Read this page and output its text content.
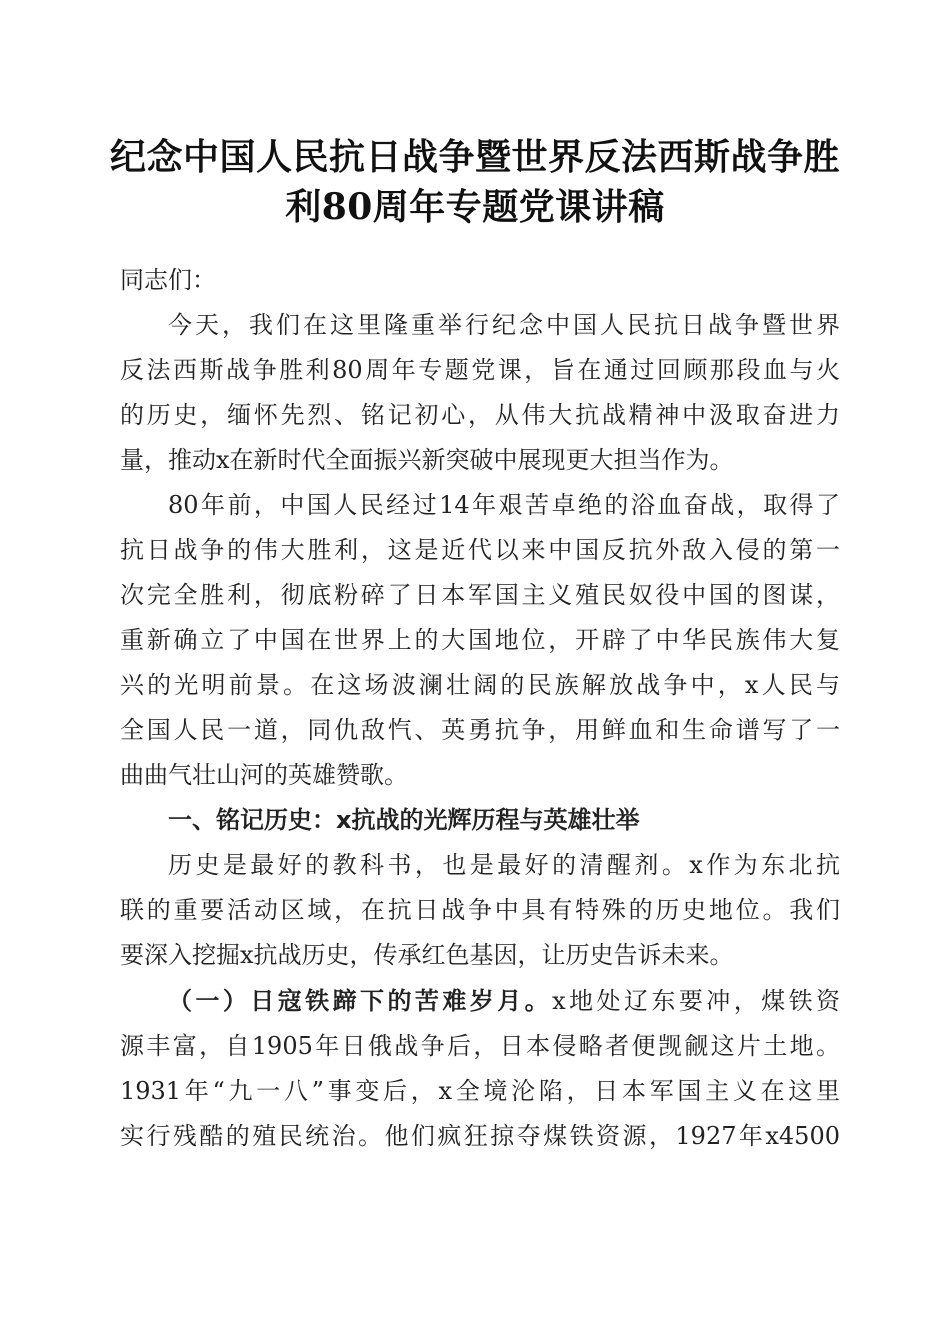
纪念中国人民抗日战争暨世界反法西斯战争胜
利80周年专题党课讲稿

同志们：

今天，我们在这里隆重举行纪念中国人民抗日战争暨世界
反法西斯战争胜利80周年专题党课，旨在通过回顾那段血与火
的历史，缅怀先烈、铭记初心，从伟大抗战精神中汲取奋进力
量，推动x在新时代全面振兴新突破中展现更大担当作为。

80年前，中国人民经过14年艰苦卓绝的浴血奋战，取得了
抗日战争的伟大胜利，这是近代以来中国反抗外敌入侵的第一
次完全胜利，彻底粉碎了日本军国主义殖民奴役中国的图谋，
重新确立了中国在世界上的大国地位，开辟了中华民族伟大复
兴的光明前景。在这场波澜壮阔的民族解放战争中，x人民与
全国人民一道，同仇敌忾、英勇抗争，用鲜血和生命谱写了一
曲曲气壮山河的英雄赞歌。

一、铭记历史：x抗战的光辉历程与英雄壮举

历史是最好的教科书，也是最好的清醒剂。x作为东北抗
联的重要活动区域，在抗日战争中具有特殊的历史地位。我们
要深入挖掘x抗战历史，传承红色基因，让历史告诉未来。

（一）日寇铁蹄下的苦难岁月。x地处辽东要冲，煤铁资
源丰富，自1905年日俄战争后，日本侵略者便觊觎这片土地。
1931年“九一八”事变后，x全境沦陷，日本军国主义在这里
实行残酷的殖民统治。他们疯狂掠夺煤铁资源，1927年x4500
